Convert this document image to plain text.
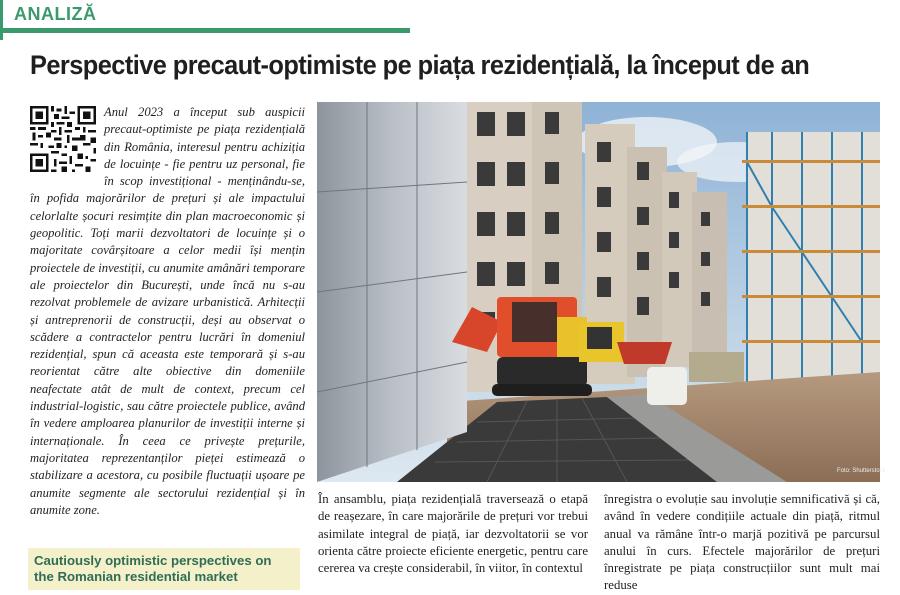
ANALIZĂ
Perspective precaut-optimiste pe piața rezidențială, la început de an
Anul 2023 a început sub auspicii precaut-optimiste pe piața rezidențială din România, interesul pentru achiziția de locuințe - fie pentru uz personal, fie în scop investițional - menținându-se, în pofida majorărilor de prețuri și ale impactului celorlalte șocuri resimțite din plan macroeconomic și geopolitic. Toți marii dezvoltatori de locuințe și o majoritate covârșitoare a celor medii își mențin proiectele de investiții, cu anumite amânări temporare ale proiectelor din București, unde încă nu s-au rezolvat problemele de avizare urbanistică. Arhitecții și antreprenorii de construcții, deși au observat o scădere a contractelor pentru lucrări în domeniul rezidențial, spun că aceasta este temporară și s-au reorientat către alte obiective din domeniile neafectate atât de mult de context, precum cel industrial-logistic, sau către proiectele publice, având în vedere amploarea planurilor de investiții interne și internaționale. În ceea ce privește prețurile, majoritatea reprezentanților pieței estimează o stabilizare a acestora, cu posibile fluctuații ușoare pe anumite segmente ale sectorului rezidențial și în anumite zone.
Cautiously optimistic perspectives on the Romanian residential market
Foto: Shutterstock
În ansamblu, piața rezidențială traversează o etapă de reașezare, în care majorările de prețuri vor trebui asimilate integral de piață, iar dezvoltatorii se vor orienta către proiecte eficiente energetic, pentru care cererea va crește considerabil, în viitor, în contextul
înregistra o evoluție sau involuție semnificativă și că, având în vedere condițiile actuale din piață, ritmul anual va rămâne într-o marjă pozitivă pe parcursul anului în curs. Efectele majorărilor de prețuri înregistrate pe piața construcțiilor sunt mult mai reduse
